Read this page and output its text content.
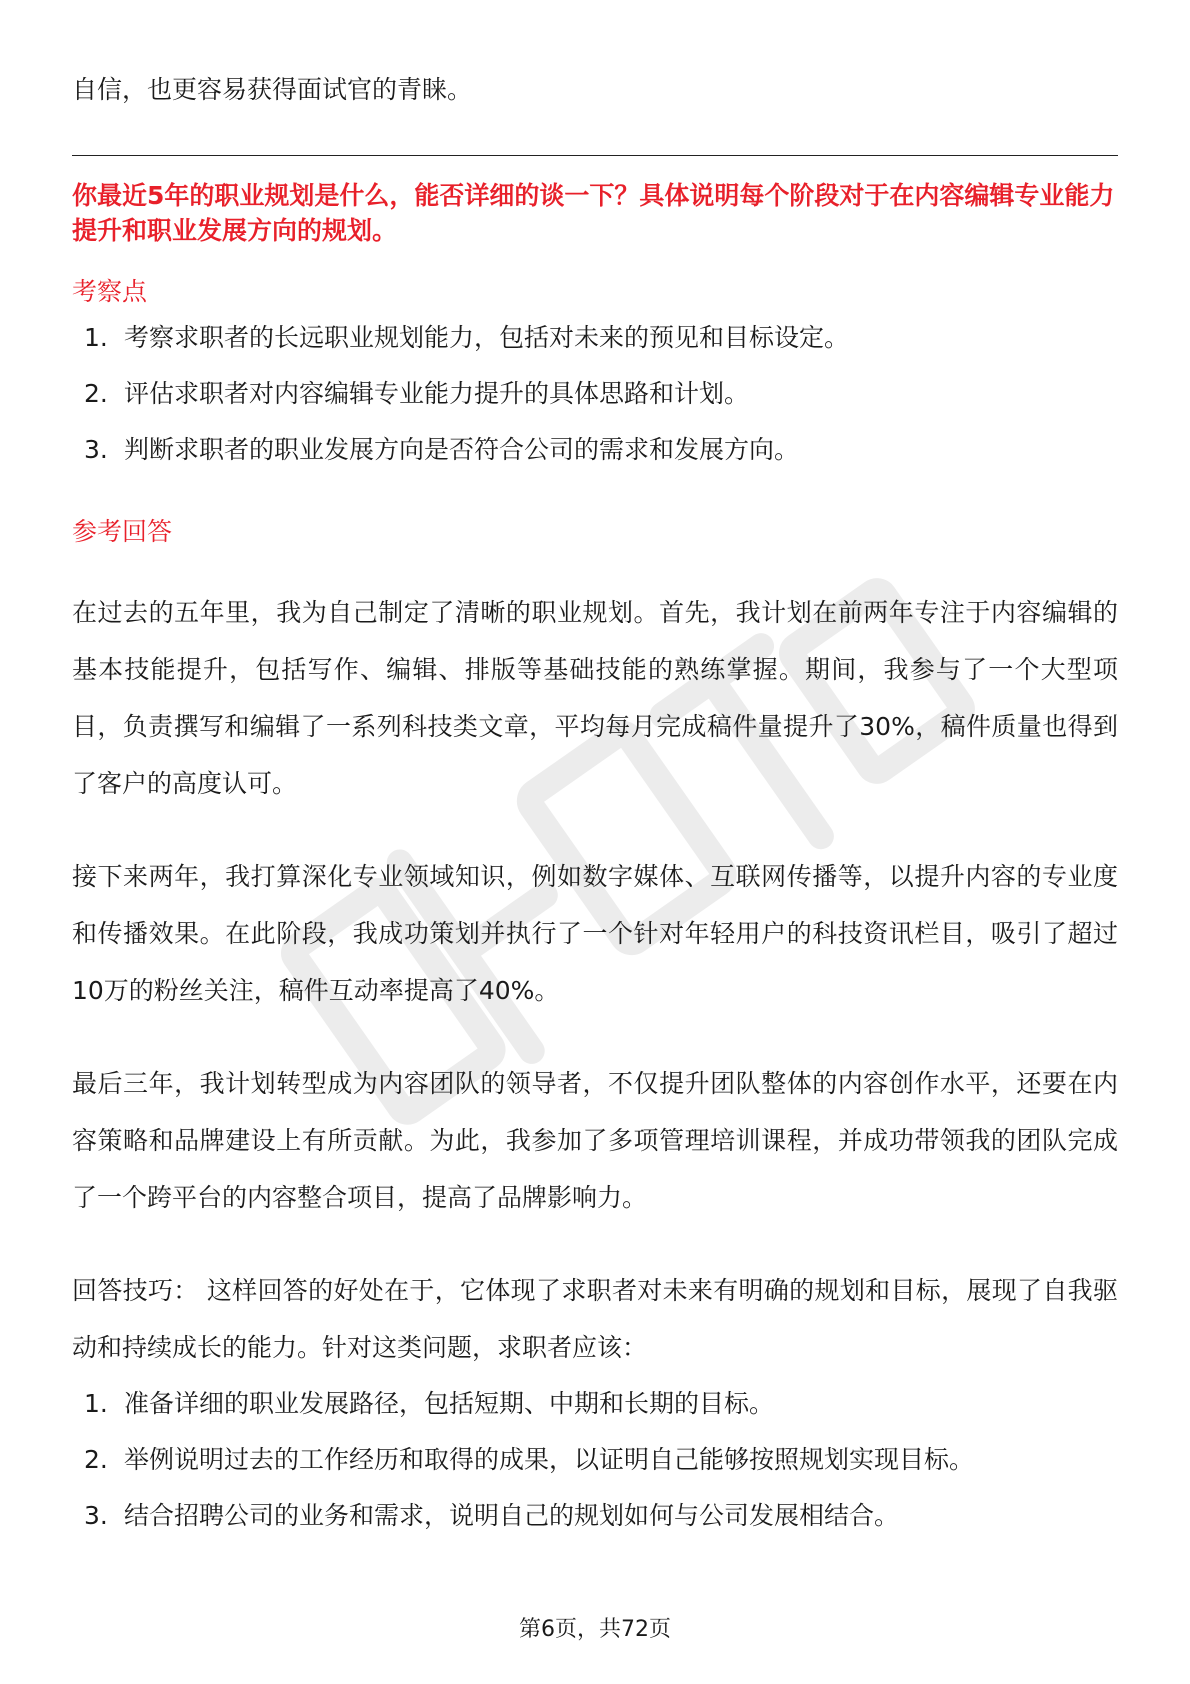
自信，也更容易获得面试官的青睐。

你最近5年的职业规划是什么，能否详细的谈一下？具体说明每个阶段对于在内容编辑专业能力提升和职业发展方向的规划。

考察点

1. 考察求职者的长远职业规划能力，包括对未来的预见和目标设定。
2. 评估求职者对内容编辑专业能力提升的具体思路和计划。
3. 判断求职者的职业发展方向是否符合公司的需求和发展方向。

参考回答

在过去的五年里，我为自己制定了清晰的职业规划。首先，我计划在前两年专注于内容编辑的基本技能提升，包括写作、编辑、排版等基础技能的熟练掌握。期间，我参与了一个大型项目，负责撰写和编辑了一系列科技类文章，平均每月完成稿件量提升了30%，稿件质量也得到了客户的高度认可。

接下来两年，我打算深化专业领域知识，例如数字媒体、互联网传播等，以提升内容的专业度和传播效果。在此阶段，我成功策划并执行了一个针对年轻用户的科技资讯栏目，吸引了超过10万的粉丝关注，稿件互动率提高了40%。

最后三年，我计划转型成为内容团队的领导者，不仅提升团队整体的内容创作水平，还要在内容策略和品牌建设上有所贡献。为此，我参加了多项管理培训课程，并成功带领我的团队完成了一个跨平台的内容整合项目，提高了品牌影响力。

回答技巧： 这样回答的好处在于，它体现了求职者对未来有明确的规划和目标，展现了自我驱动和持续成长的能力。针对这类问题，求职者应该：

1. 准备详细的职业发展路径，包括短期、中期和长期的目标。
2. 举例说明过去的工作经历和取得的成果，以证明自己能够按照规划实现目标。
3. 结合招聘公司的业务和需求，说明自己的规划如何与公司发展相结合。
第6页，共72页
